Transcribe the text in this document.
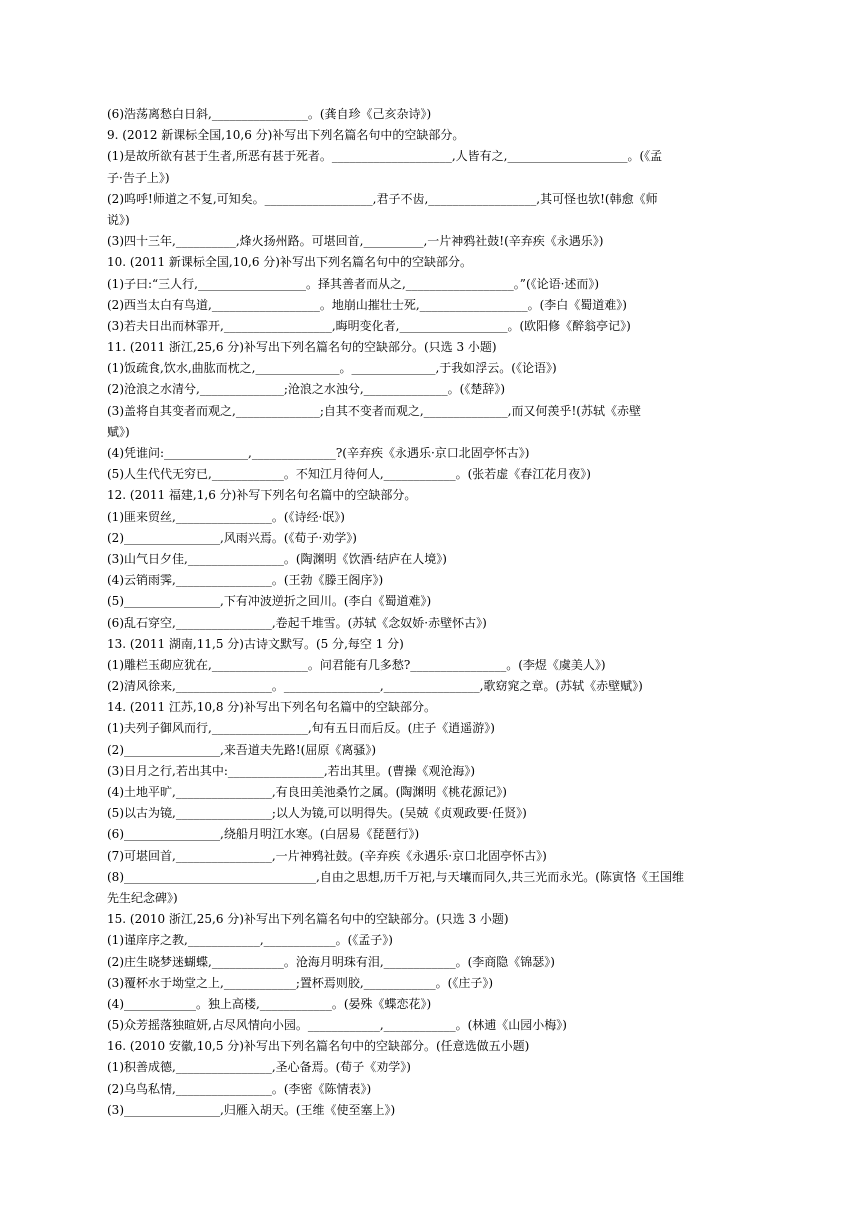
(6)浩荡离愁白日斜,________________。(龚自珍《己亥杂诗》)
9. (2012 新课标全国,10,6 分)补写出下列名篇名句中的空缺部分。
(1)是故所欲有甚于生者,所恶有甚于死者。____________________,人皆有之,____________________。(《孟
子·告子上》)
(2)呜呼!师道之不复,可知矣。__________________,君子不齿,__________________,其可怪也欤!(韩愈《师
说》)
(3)四十三年,__________,烽火扬州路。可堪回首,__________,一片神鸦社鼓!(辛弃疾《永遇乐》)
10. (2011 新课标全国,10,6 分)补写出下列名篇名句中的空缺部分。
(1)子曰:“三人行,__________________。择其善者而从之,__________________。”(《论语·述而》)
(2)西当太白有鸟道,__________________。地崩山摧壮士死,__________________。(李白《蜀道难》)
(3)若夫日出而林霏开,__________________,晦明变化者,__________________。(欧阳修《醉翁亭记》)
11. (2011 浙江,25,6 分)补写出下列名篇名句的空缺部分。(只选 3 小题)
(1)饭疏食,饮水,曲肱而枕之,______________。______________,于我如浮云。(《论语》)
(2)沧浪之水清兮,______________;沧浪之水浊兮,______________。(《楚辞》)
(3)盖将自其变者而观之,______________;自其不变者而观之,______________,而又何羡乎!(苏轼《赤壁
赋》)
(4)凭谁问:______________,______________?(辛弃疾《永遇乐·京口北固亭怀古》)
(5)人生代代无穷已,____________。不知江月待何人,____________。(张若虚《春江花月夜》)
12. (2011 福建,1,6 分)补写下列名句名篇中的空缺部分。
(1)匪来贸丝,________________。(《诗经·氓》)
(2)________________,风雨兴焉。(《荀子·劝学》)
(3)山气日夕佳,________________。(陶渊明《饮酒·结庐在人境》)
(4)云销雨霁,________________。(王勃《滕王阁序》)
(5)________________,下有冲波逆折之回川。(李白《蜀道难》)
(6)乱石穿空,________________,卷起千堆雪。(苏轼《念奴娇·赤壁怀古》)
13. (2011 湖南,11,5 分)古诗文默写。(5 分,每空 1 分)
(1)雕栏玉砌应犹在,________________。问君能有几多愁?________________。(李煜《虞美人》)
(2)清风徐来,________________。________________,________________,歌窈窕之章。(苏轼《赤壁赋》)
14. (2011 江苏,10,8 分)补写出下列名句名篇中的空缺部分。
(1)夫列子御风而行,________________,旬有五日而后反。(庄子《逍遥游》)
(2)________________,来吾道夫先路!(屈原《离骚》)
(3)日月之行,若出其中:________________,若出其里。(曹操《观沧海》)
(4)土地平旷,________________,有良田美池桑竹之属。(陶渊明《桃花源记》)
(5)以古为镜,________________;以人为镜,可以明得失。(吴兢《贞观政要·任贤》)
(6)________________,绕船月明江水寒。(白居易《琵琶行》)
(7)可堪回首,________________,一片神鸦社鼓。(辛弃疾《永遇乐·京口北固亭怀古》)
(8)________________________________,自由之思想,历千万祀,与天壤而同久,共三光而永光。(陈寅恪《王国维
先生纪念碑》)
15. (2010 浙江,25,6 分)补写出下列名篇名句中的空缺部分。(只选 3 小题)
(1)谨庠序之教,____________,____________。(《孟子》)
(2)庄生晓梦迷蝴蝶,____________。沧海月明珠有泪,____________。(李商隐《锦瑟》)
(3)覆杯水于坳堂之上,____________;置杯焉则胶,____________。(《庄子》)
(4)____________。独上高楼,____________。(晏殊《蝶恋花》)
(5)众芳摇落独暄妍,占尽风情向小园。____________,____________。(林逋《山园小梅》)
16. (2010 安徽,10,5 分)补写出下列名篇名句中的空缺部分。(任意选做五小题)
(1)积善成德,________________,圣心备焉。(荀子《劝学》)
(2)乌鸟私情,________________。(李密《陈情表》)
(3)________________,归雁入胡天。(王维《使至塞上》)
